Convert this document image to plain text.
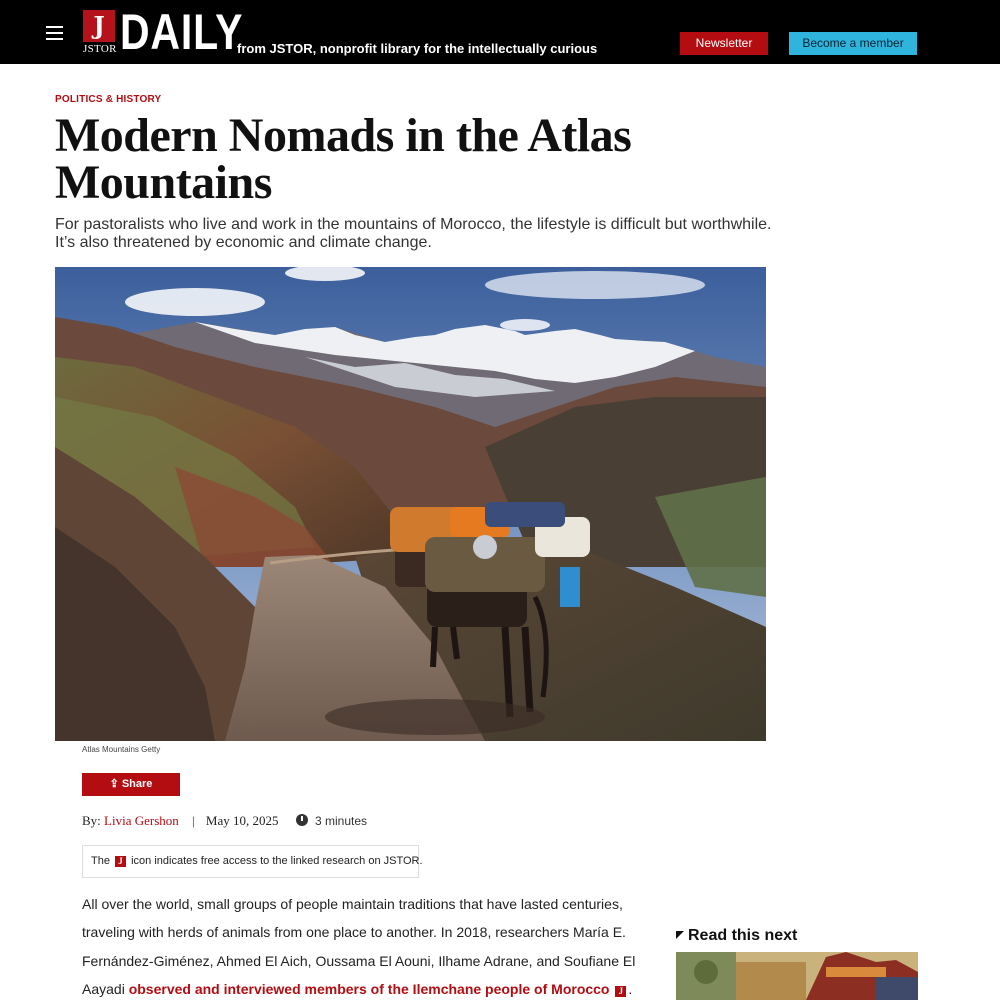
J
JSTOR DAILY
from JSTOR, nonprofit library for the intellectually curious	Newsletter	Become a member
POLITICS & HISTORY
Modern Nomads in the Atlas Mountains

For pastoralists who live and work in the mountains of Morocco, the lifestyle is difficult but worthwhile. It’s also threatened by economic and climate change.

Atlas Mountains Getty
⇪ Share
By: Livia Gershon | May 10, 2025	3 minutes
The J icon indicates free access to the linked research on JSTOR.

All over the world, small groups of people maintain traditions that have lasted centuries, traveling with herds of animals from one place to another. In 2018, researchers María E. Fernández-Giménez, Ahmed El Aich, Oussama El Aouni, Ilhame Adrane, and Soufiane El Aayadi observed and interviewed members of the Ilemchane people of Morocco J .

Read this next
